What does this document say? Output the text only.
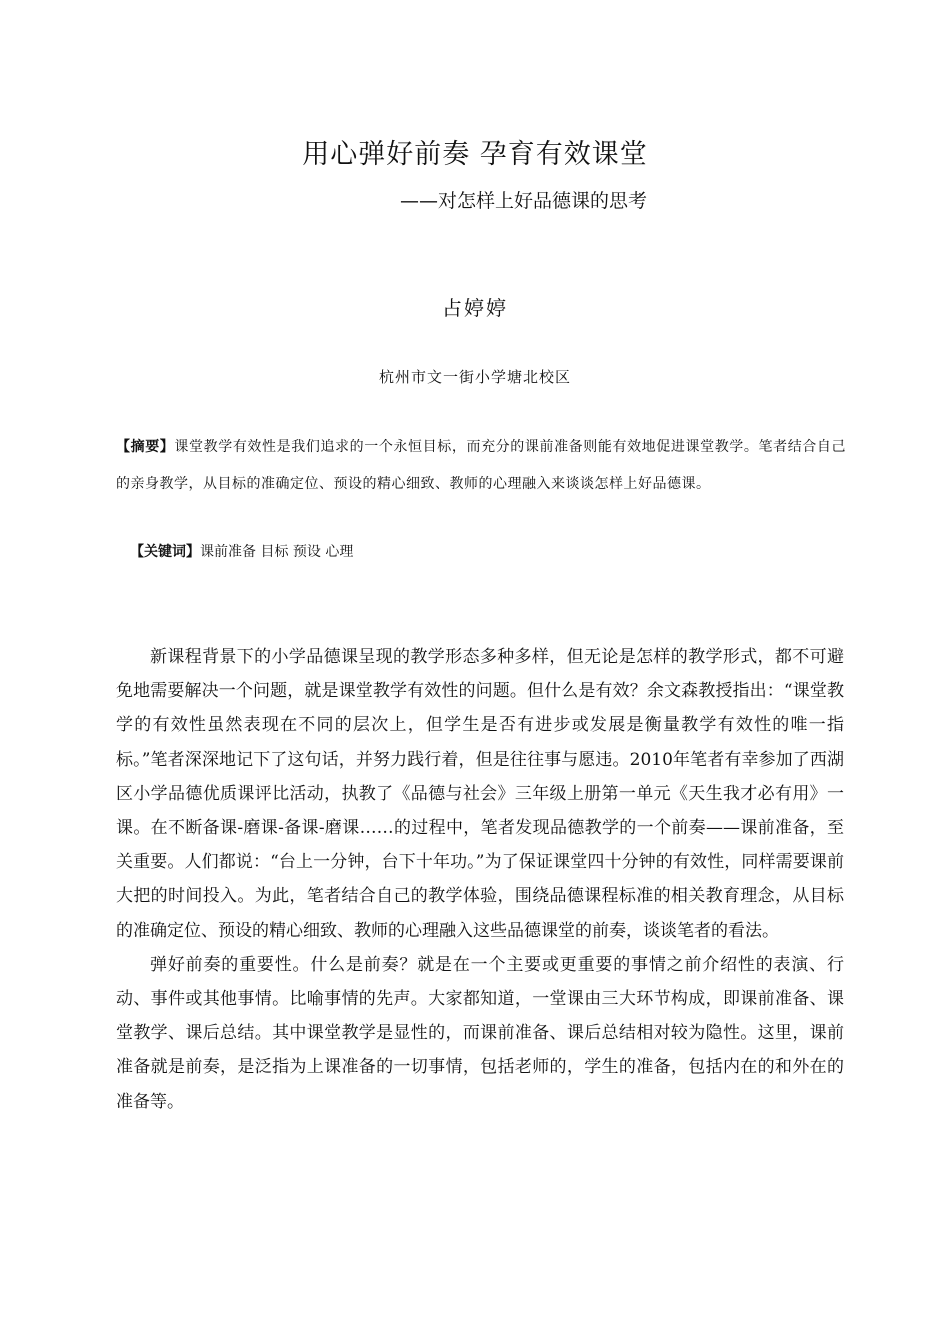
用心弹好前奏 孕育有效课堂
——对怎样上好品德课的思考
占婷婷
杭州市文一街小学塘北校区
【摘要】课堂教学有效性是我们追求的一个永恒目标，而充分的课前准备则能有效地促进课堂教学。笔者结合自己的亲身教学，从目标的准确定位、预设的精心细致、教师的心理融入来谈谈怎样上好品德课。
【关键词】课前准备 目标 预设 心理

新课程背景下的小学品德课呈现的教学形态多种多样，但无论是怎样的教学形式，都不可避免地需要解决一个问题，就是课堂教学有效性的问题。但什么是有效？余文森教授指出：“课堂教学的有效性虽然表现在不同的层次上，但学生是否有进步或发展是衡量教学有效性的唯一指标。”笔者深深地记下了这句话，并努力践行着，但是往往事与愿违。2010年笔者有幸参加了西湖区小学品德优质课评比活动，执教了《品德与社会》三年级上册第一单元《天生我才必有用》一课。在不断备课-磨课-备课-磨课……的过程中，笔者发现品德教学的一个前奏——课前准备，至关重要。人们都说：“台上一分钟，台下十年功。”为了保证课堂四十分钟的有效性，同样需要课前大把的时间投入。为此，笔者结合自己的教学体验，围绕品德课程标准的相关教育理念，从目标的准确定位、预设的精心细致、教师的心理融入这些品德课堂的前奏，谈谈笔者的看法。

弹好前奏的重要性。什么是前奏？就是在一个主要或更重要的事情之前介绍性的表演、行动、事件或其他事情。比喻事情的先声。大家都知道，一堂课由三大环节构成，即课前准备、课堂教学、课后总结。其中课堂教学是显性的，而课前准备、课后总结相对较为隐性。这里，课前准备就是前奏，是泛指为上课准备的一切事情，包括老师的，学生的准备，包括内在的和外在的准备等。
